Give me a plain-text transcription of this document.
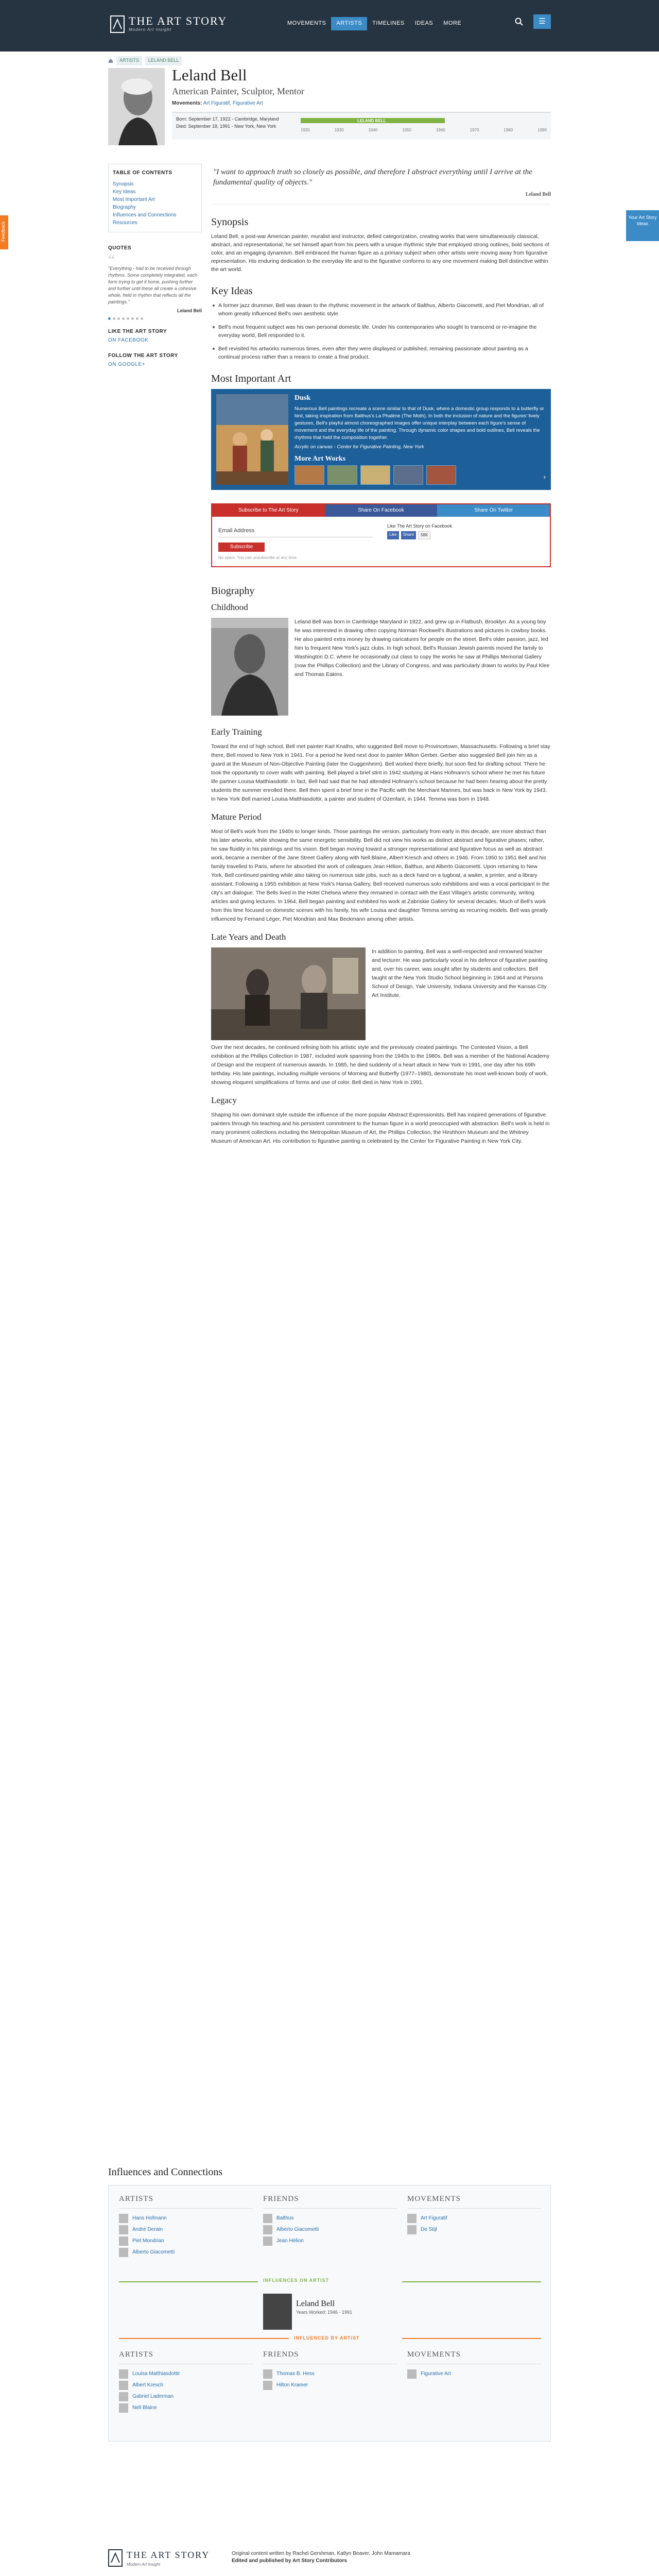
THE ART STORY
Modern Art Insight
MOVEMENTS	ARTISTS	TIMELINES	IDEAS	MORE	☰
ARTISTS	LELAND BELL
Feedback
Your Art Story Ideas
Leland Bell
American Painter, Sculptor, Mentor
Movements: Art Figuratif, Figurative Art
Born: September 17, 1922 - Cambridge, Maryland
Died: September 18, 1991 - New York, New York
LELAND BELL
1920	1930	1940	1950	1960	1970	1980	1990
TABLE OF CONTENTS
Synopsis
Key Ideas
Most Important Art
Biography
Influences and Connections
Resources
QUOTES
“
"Everything - had to be received through rhythms. Some completely integrated, each form trying to get it home, pushing further and further until these all create a cohesive whole, held in rhythm that reflects all the paintings."
Leland Bell
LIKE THE ART STORY
ON FACEBOOK
FOLLOW THE ART STORY
ON GOOGLE+
"I want to approach truth so closely as possible, and therefore I abstract everything until I arrive at the fundamental quality of objects."
Leland Bell
Synopsis

Leland Bell, a post-war American painter, muralist and instructor, defied categorization, creating works that were simultaneously classical, abstract, and representational, he set himself apart from his peers with a unique rhythmic style that employed strong outlines, bold sections of color, and an engaging dynamism. Bell embraced the human figure as a primary subject when other artists were moving away from figurative representation. His enduring dedication to the everyday life and to the figurative conforms to any one movement making Bell distinctive within the art world.

Key Ideas

A former jazz drummer, Bell was drawn to the rhythmic movement in the artwork of Balthus, Alberto Giacometti, and Piet Mondrian, all of whom greatly influenced Bell's own aesthetic style.

Bell's most frequent subject was his own personal domestic life. Under his contemporaries who sought to transcend or re-imagine the everyday world, Bell responded to it.

Bell revisited his artworks numerous times, even after they were displayed or published, remaining passionate about painting as a continual process rather than a means to create a final product.

Most Important Art
Dusk

Numerous Bell paintings recreate a scene similar to that of Dusk, where a domestic group responds to a butterfly or bird, taking inspiration from Balthus's La Phalène (The Moth). In both the inclusion of nature and the figures' lively gestures, Bell's playful almost choreographed images offer unique interplay between each figure's sense of movement and the everyday life of the painting. Through dynamic color shapes and bold outlines, Bell reveals the rhythms that held the composition together.

Acrylic on canvas - Center for Figurative Painting, New York

More Art Works
›
Subscribe to The Art Story	Share On Facebook	Share On Twitter
Email Address
Subscribe
No spam. You can unsubscribe at any time.
Like The Art Story on Facebook
Like	Share	58K
Biography
Childhood

Leland Bell was born in Cambridge Maryland in 1922, and grew up in Flatbush, Brooklyn. As a young boy he was interested in drawing often copying Norman Rockwell's illustrations and pictures in cowboy books. He also painted extra money by drawing caricatures for people on the street. Bell's older passion, jazz, led him to frequent New York's jazz clubs. In high school, Bell's Russian Jewish parents moved the family to Washington D.C. where he occasionally cut class to copy the works he saw at Phillips Memorial Gallery (now the Phillips Collection) and the Library of Congress, and was particularly drawn to works by Paul Klee and Thomas Eakins.

Early Training

Toward the end of high school, Bell met painter Karl Knaths, who suggested Bell move to Provincetown, Massachusetts. Following a brief stay there, Bell moved to New York in 1941. For a period he lived next door to painter Milton Gerber. Gerber also suggested Bell join him as a guard at the Museum of Non-Objective Painting (later the Guggenheim). Bell worked there briefly, but soon fled for drafting school. There he took the opportunity to cover walls with painting. Bell played a brief stint in 1942 studying at Hans Hofmann's school where he met his future life partner Louisa Matthiasdottir. In fact, Bell had said that he had attended Hofmann's school because he had been hearing about the pretty students the summer enrolled there. Bell then spent a brief time in the Pacific with the Merchant Marines, but was back in New York by 1943. In New York Bell married Louisa Matthiasdottir, a painter and student of Ozenfant, in 1944. Temma was born in 1948.

Mature Period

Most of Bell's work from the 1940s to longer kinds. Those paintings the version, particularly from early in this decade, are more abstract than his later artworks, while showing the same energetic sensibility. Bell did not view his works as distinct abstract and figurative phases; rather, he saw fluidity in his paintings and his vision. Bell began moving toward a stronger representational and figurative focus as well as abstract work, became a member of the Jane Street Gallery along with Nell Blaine, Albert Kresch and others in 1946. From 1950 to 1951 Bell and his family travelled to Paris, where he absorbed the work of colleagues Jean Hélion, Balthus, and Alberto Giacometti. Upon returning to New York, Bell continued painting while also taking on numerous side jobs, such as a deck hand on a tugboat, a waiter, a printer, and a library assistant. Following a 1955 exhibition at New York's Hansa Gallery, Bell received numerous solo exhibitions and was a vocal participant in the city's art dialogue. The Bells lived in the Hotel Chelsea where they remained in contact with the East Village's artistic community, writing articles and giving lectures. In 1964, Bell began painting and exhibited his work at Zabriskie Gallery for several decades. Much of Bell's work from this time focused on domestic scenes with his family, his wife Louisa and daughter Temma serving as recurring models. Bell was greatly influenced by Fernand Léger, Piet Mondrian and Max Beckmann among other artists.

Late Years and Death

In addition to painting, Bell was a well-respected and renowned teacher and lecturer. He was particularly vocal in his defence of figurative painting and, over his career, was sought after by students and collectors. Bell taught at the New York Studio School beginning in 1964 and at Parsons School of Design, Yale University, Indiana University and the Kansas City Art Institute.

Over the next decades, he continued refining both his artistic style and the previously created paintings. The Contested Vision, a Bell exhibition at the Phillips Collection in 1987, included work spanning from the 1940s to the 1980s. Bell was a member of the National Academy of Design and the recipient of numerous awards. In 1985, he died suddenly of a heart attack in New York in 1991, one day after his 69th birthday. His late paintings, including multiple versions of Morning and Butterfly (1977–1980), demonstrate his most well-known body of work, showing eloquent simplifications of forms and use of color. Bell died in New York in 1991.

Legacy

Shaping his own dominant style outside the influence of the more popular Abstract Expressionists, Bell has inspired generations of figurative painters through his teaching and his persistent commitment to the human figure in a world preoccupied with abstraction. Bell's work is held in many prominent collections including the Metropolitan Museum of Art, the Phillips Collection, the Hirshhorn Museum and the Whitney Museum of American Art. His contribution to figurative painting is celebrated by the Center for Figurative Painting in New York City.

Influences and Connections
ARTISTS
Hans Hofmann
André Derain
Piet Mondrian
Alberto Giacometti
FRIENDS
Balthus
Alberto Giacometti
Jean Hélion
MOVEMENTS
Art Figuratif
De Stijl
INFLUENCES ON ARTIST
Leland Bell
Years Worked: 1946 - 1991
INFLUENCED BY ARTIST
ARTISTS
Louisa Matthiasdottir
Albert Kresch
Gabriel Laderman
Nell Blaine
FRIENDS
Thomas B. Hess
Hilton Kramer
MOVEMENTS
Figurative Art
THE ART STORY
Modern Art Insight
Original content written by Rachel Gershman, Katlyn Beaver, John Mamamara
Edited and published by Art Story Contributors
